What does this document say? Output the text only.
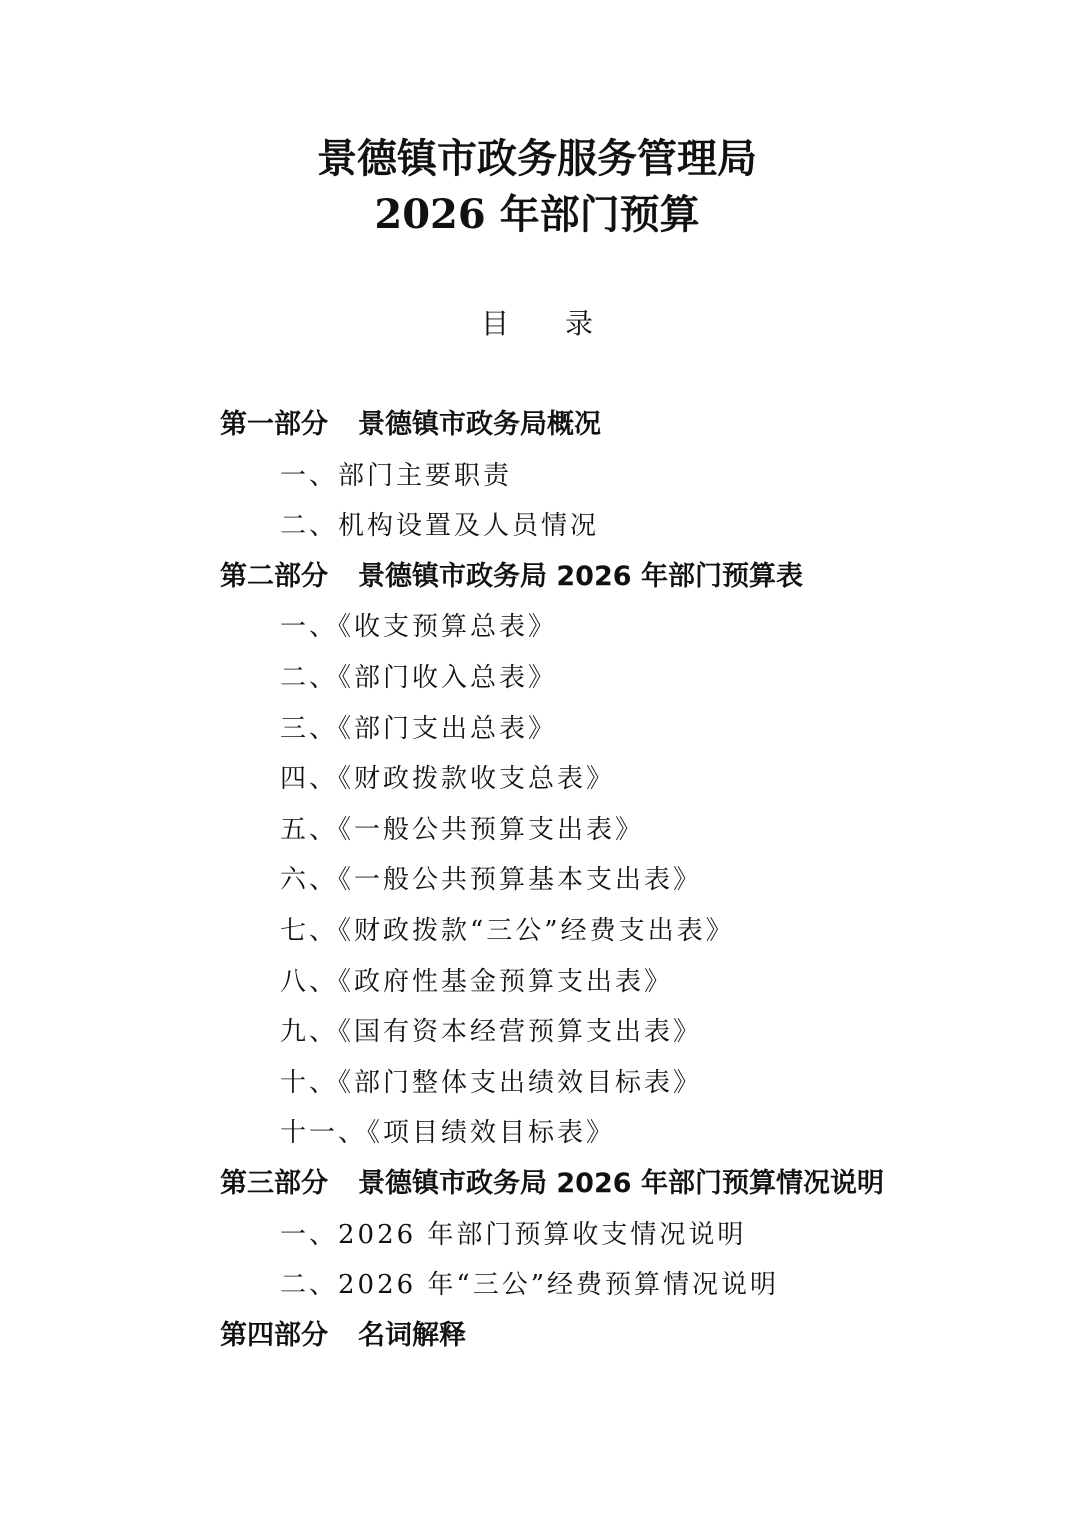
景德镇市政务服务管理局
2026 年部门预算
目录
第一部分 景德镇市政务局概况
一、部门主要职责
二、机构设置及人员情况
第二部分 景德镇市政务局 2026 年部门预算表
一、《收支预算总表》
二、《部门收入总表》
三、《部门支出总表》
四、《财政拨款收支总表》
五、《一般公共预算支出表》
六、《一般公共预算基本支出表》
七、《财政拨款“三公”经费支出表》
八、《政府性基金预算支出表》
九、《国有资本经营预算支出表》
十、《部门整体支出绩效目标表》
十一、《项目绩效目标表》
第三部分 景德镇市政务局 2026 年部门预算情况说明
一、2026 年部门预算收支情况说明
二、2026 年“三公”经费预算情况说明
第四部分 名词解释
